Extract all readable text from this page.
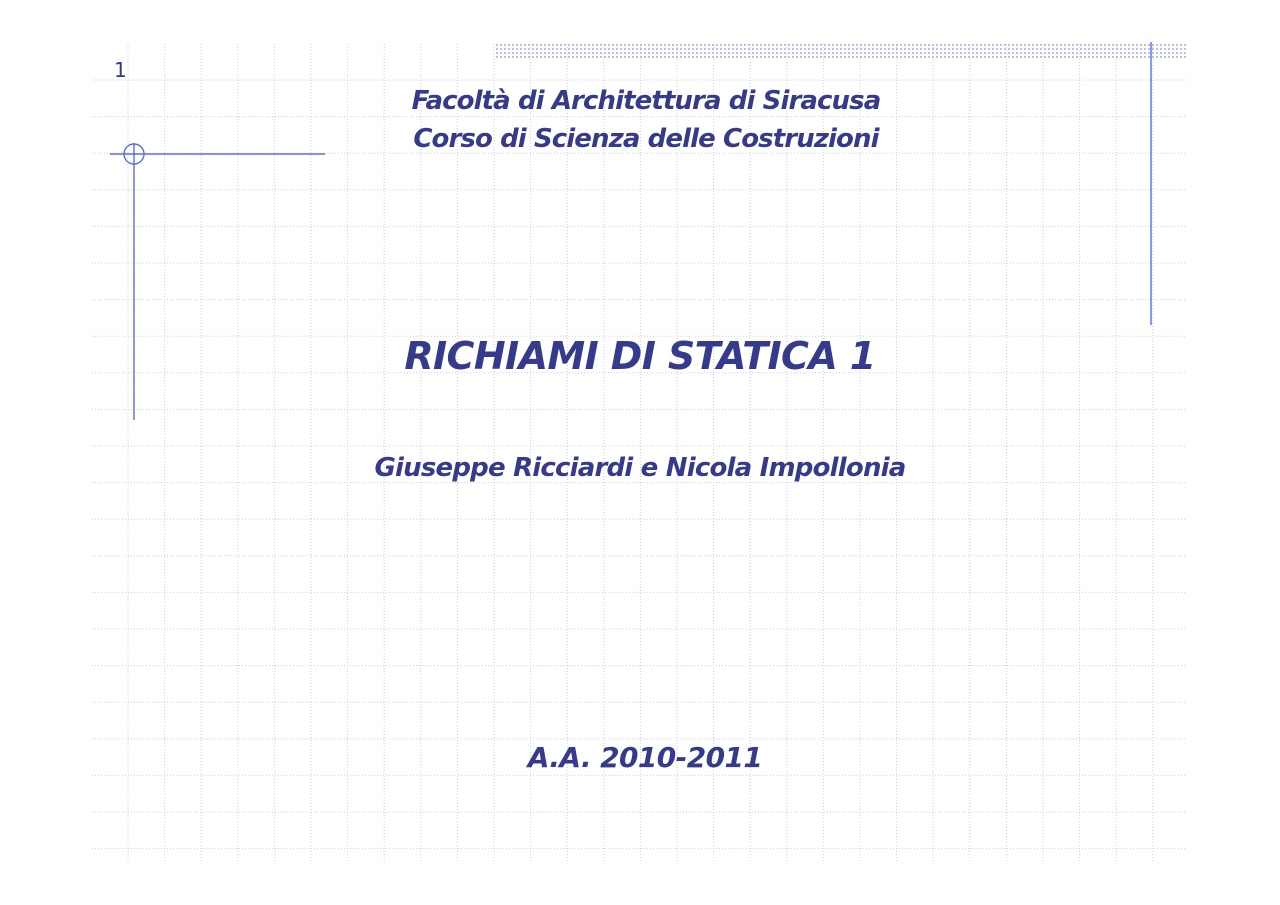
1
Facoltà di Architettura di Siracusa
Corso di Scienza delle Costruzioni
RICHIAMI DI STATICA 1
Giuseppe Ricciardi e Nicola Impollonia
A.A. 2010-2011
